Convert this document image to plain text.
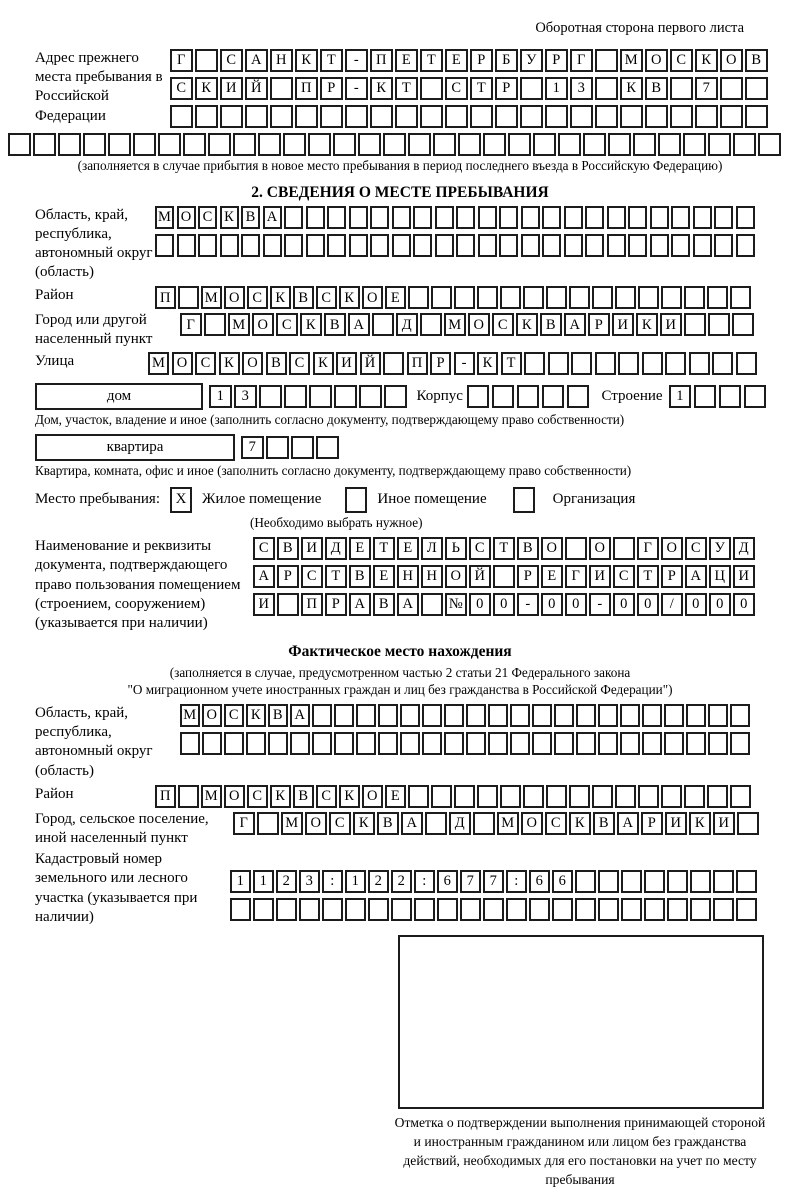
Оборотная сторона первого листа
Адрес прежнего места пребывания в Российской Федерации
Г	С	А	Н	К	Т	-	П	Е	Т	Е	Р	Б	У	Р	Г	М О	С	К	О	В
С	К	И	Й	П	Р	-	К	Т	С	Т	Р	1	3	К	В	7
(заполняется в случае прибытия в новое место пребывания в период последнего въезда в Российскую Федерацию)
2. СВЕДЕНИЯ О МЕСТЕ ПРЕБЫВАНИЯ
Область, край, республика, автономный округ (область)
М О С К В А
Район	П	М О С К В С К О Е
Город или другой населенный пункт
Г	М О С К В А	Д	М О С К В А	Р	И К И
Улица	М О С К О В С К И Й	П Р	-	К Т
дом	1	3	Корпус	Строение 1
Дом, участок, владение и иное (заполнить согласно документу, подтверждающему право собственности)
квартира	7
Квартира, комната, офис и иное (заполнить согласно документу, подтверждающему право собственности)
Место пребывания:	X	Жилое помещение	Иное помещение	Организация
(Необходимо выбрать нужное)
Наименование и реквизиты документа, подтверждающего право пользования помещением (строением, сооружением) (указывается при наличии)
С В И Д	Е	Т	Е	Л	Ь	С	Т	В О	О	Г	О С У Д
А	Р	С	Т	В	Е Н Н О Й	Р	Е	Г	И С	Т	Р	А Ц И
И	П	Р	А В А	№ 0	0	-	0	0	-	0	0	/	0	0	0
Фактическое место нахождения
(заполняется в случае, предусмотренном частью 2 статьи 21 Федерального закона
"О миграционном учете иностранных граждан и лиц без гражданства в Российской Федерации")
Область, край, республика, автономный округ (область)
М О С К В А
Район	П	М О С К В С К О Е
Город, сельское поселение, иной населенный пункт
Г	М О С К В А	Д	М О С К В А	Р	И К И
Кадастровый номер земельного или лесного участка (указывается при наличии)
1	1	2	3	:	1	2	2	:	6	7	7	:	6	6
Отметка о подтверждении выполнения принимающей стороной и иностранным гражданином или лицом без гражданства действий, необходимых для его постановки на учет по месту пребывания
